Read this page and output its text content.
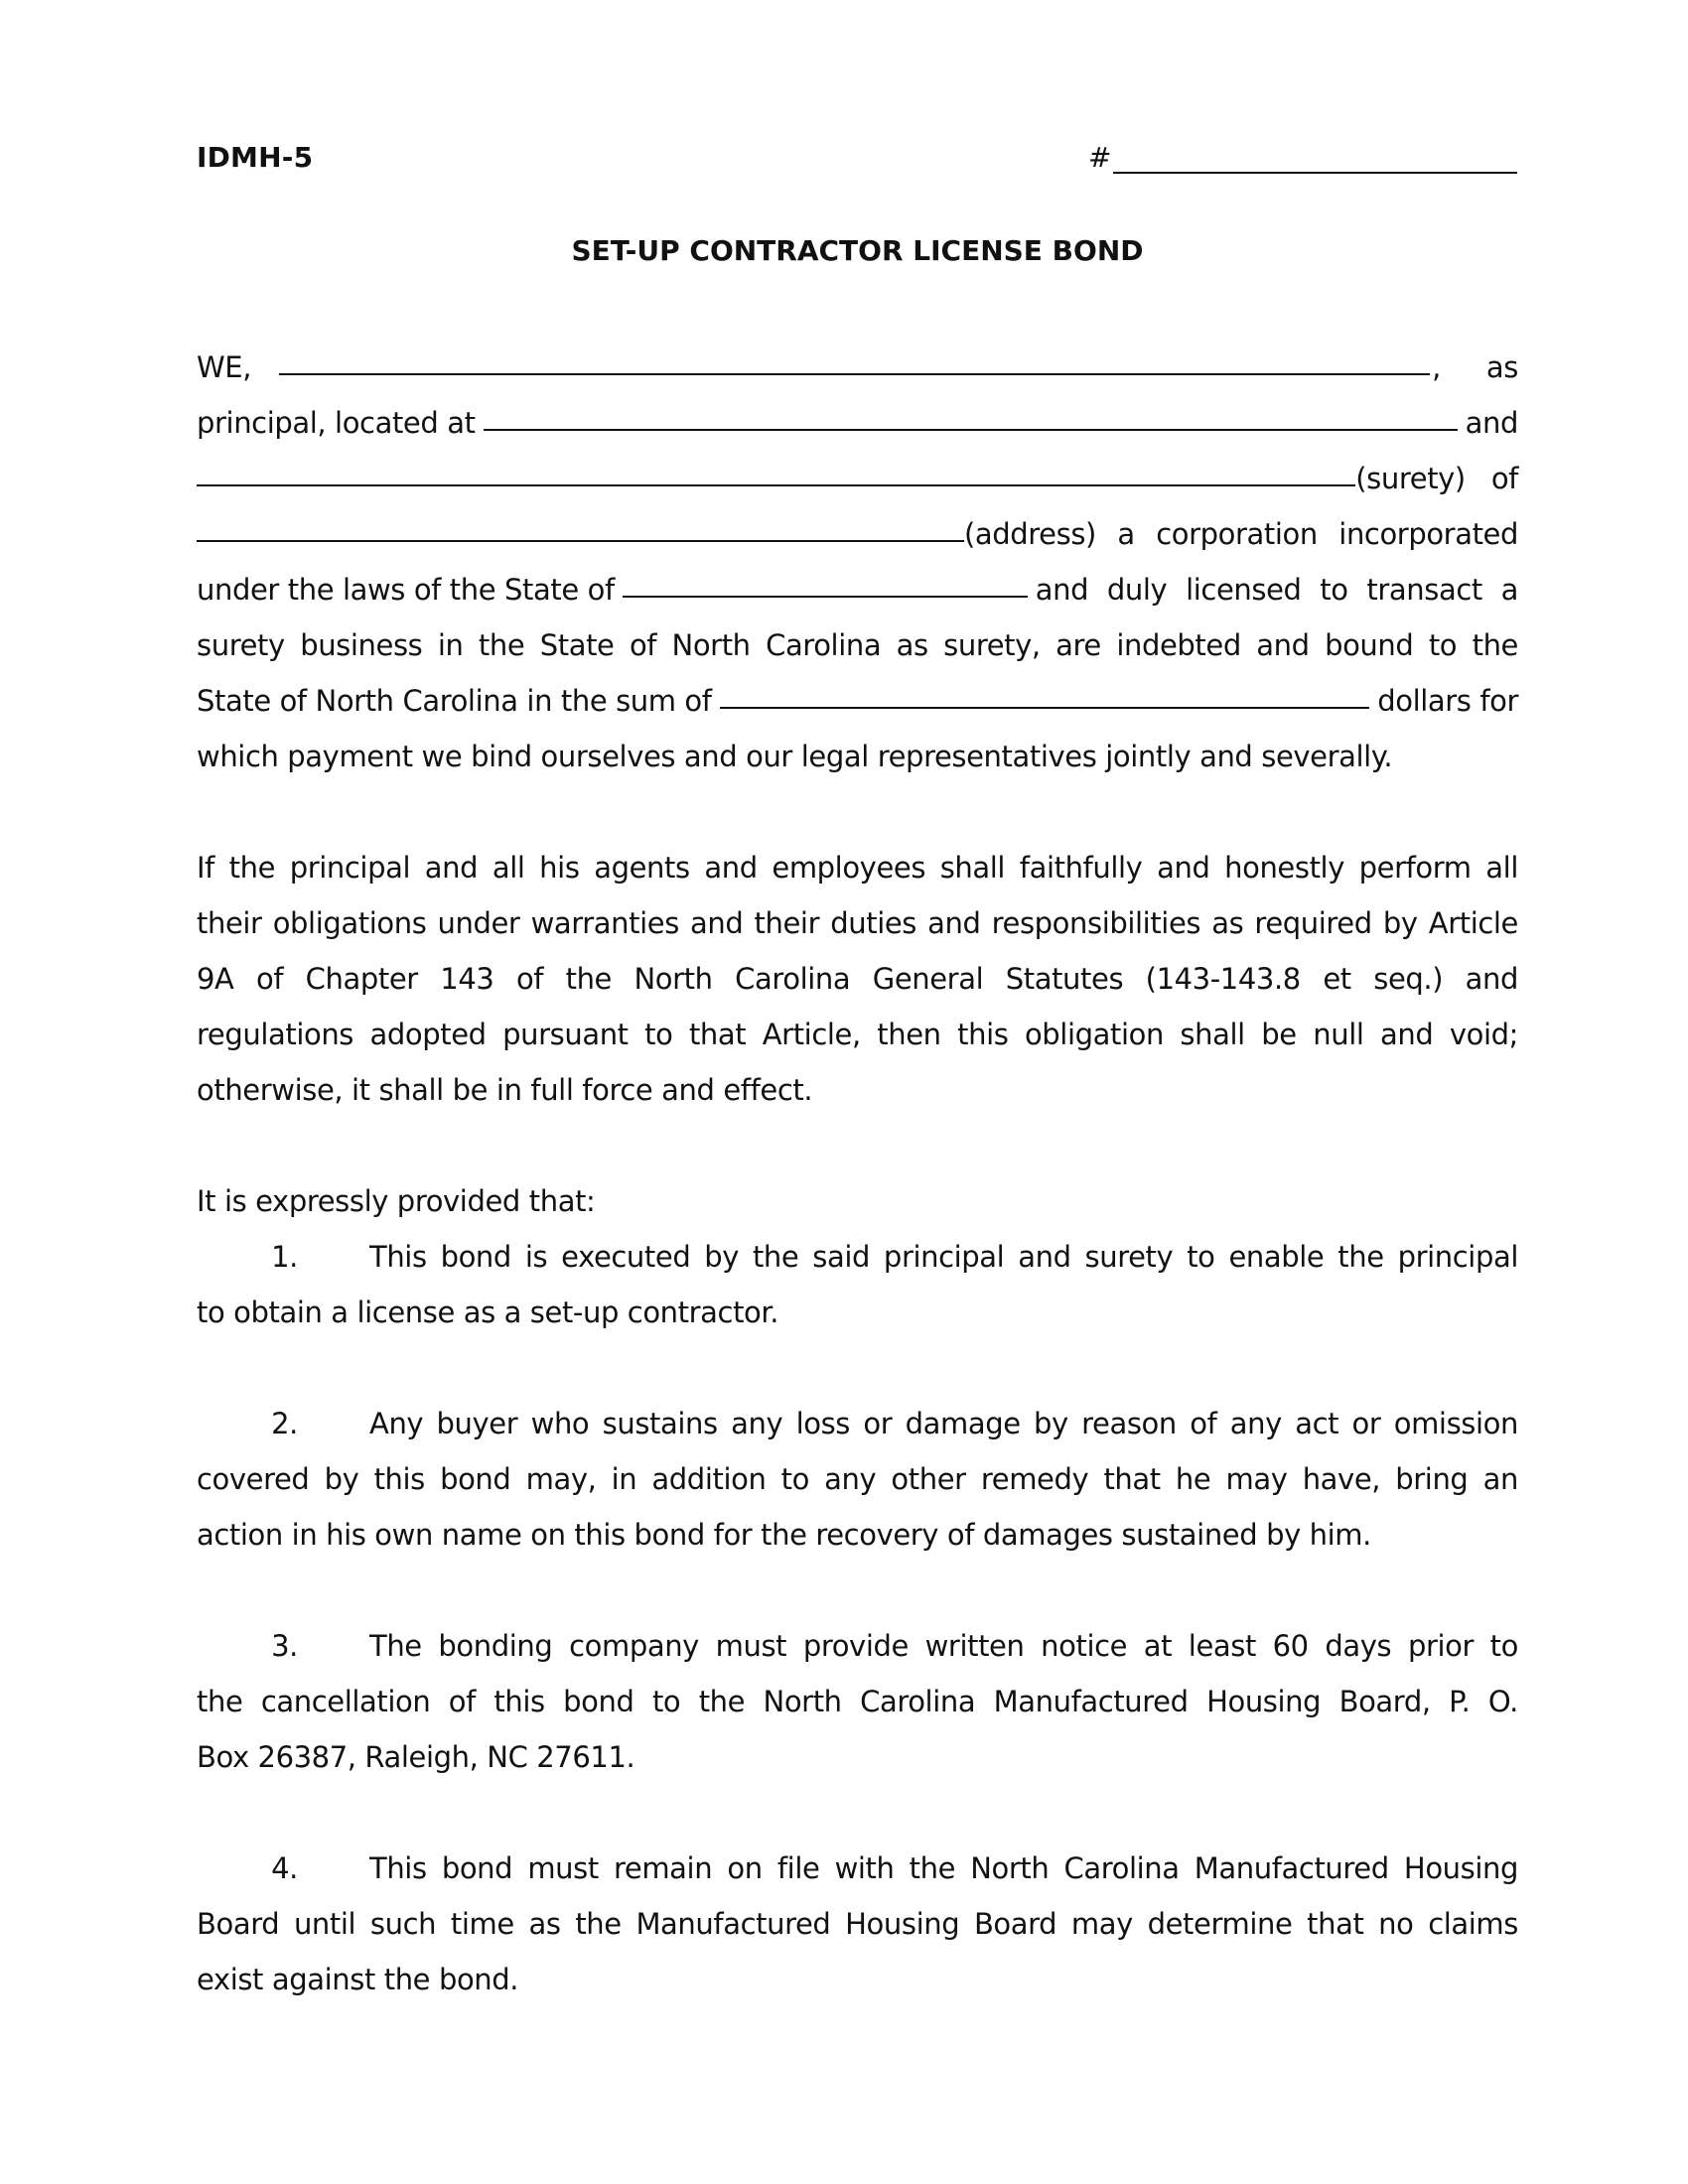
IDMH-5	#
SET-UP CONTRACTOR LICENSE BOND
WE,	, as
principal, located at	and
(surety) of
(address) a corporation incorporated
under the laws of the State of	and duly licensed to transact a
surety business in the State of North Carolina as surety, are indebted and bound to the
State of North Carolina in the sum of	dollars for
which payment we bind ourselves and our legal representatives jointly and severally.
If the principal and all his agents and employees shall faithfully and honestly perform all
their obligations under warranties and their duties and responsibilities as required by Article
9A of Chapter 143 of the North Carolina General Statutes (143-143.8 et seq.) and
regulations adopted pursuant to that Article, then this obligation shall be null and void;
otherwise, it shall be in full force and effect.
It is expressly provided that:
1. This bond is executed by the said principal and surety to enable the principal
to obtain a license as a set-up contractor.
2. Any buyer who sustains any loss or damage by reason of any act or omission
covered by this bond may, in addition to any other remedy that he may have, bring an
action in his own name on this bond for the recovery of damages sustained by him.
3. The bonding company must provide written notice at least 60 days prior to
the cancellation of this bond to the North Carolina Manufactured Housing Board, P. O.
Box 26387, Raleigh, NC 27611.
4. This bond must remain on file with the North Carolina Manufactured Housing
Board until such time as the Manufactured Housing Board may determine that no claims
exist against the bond.
